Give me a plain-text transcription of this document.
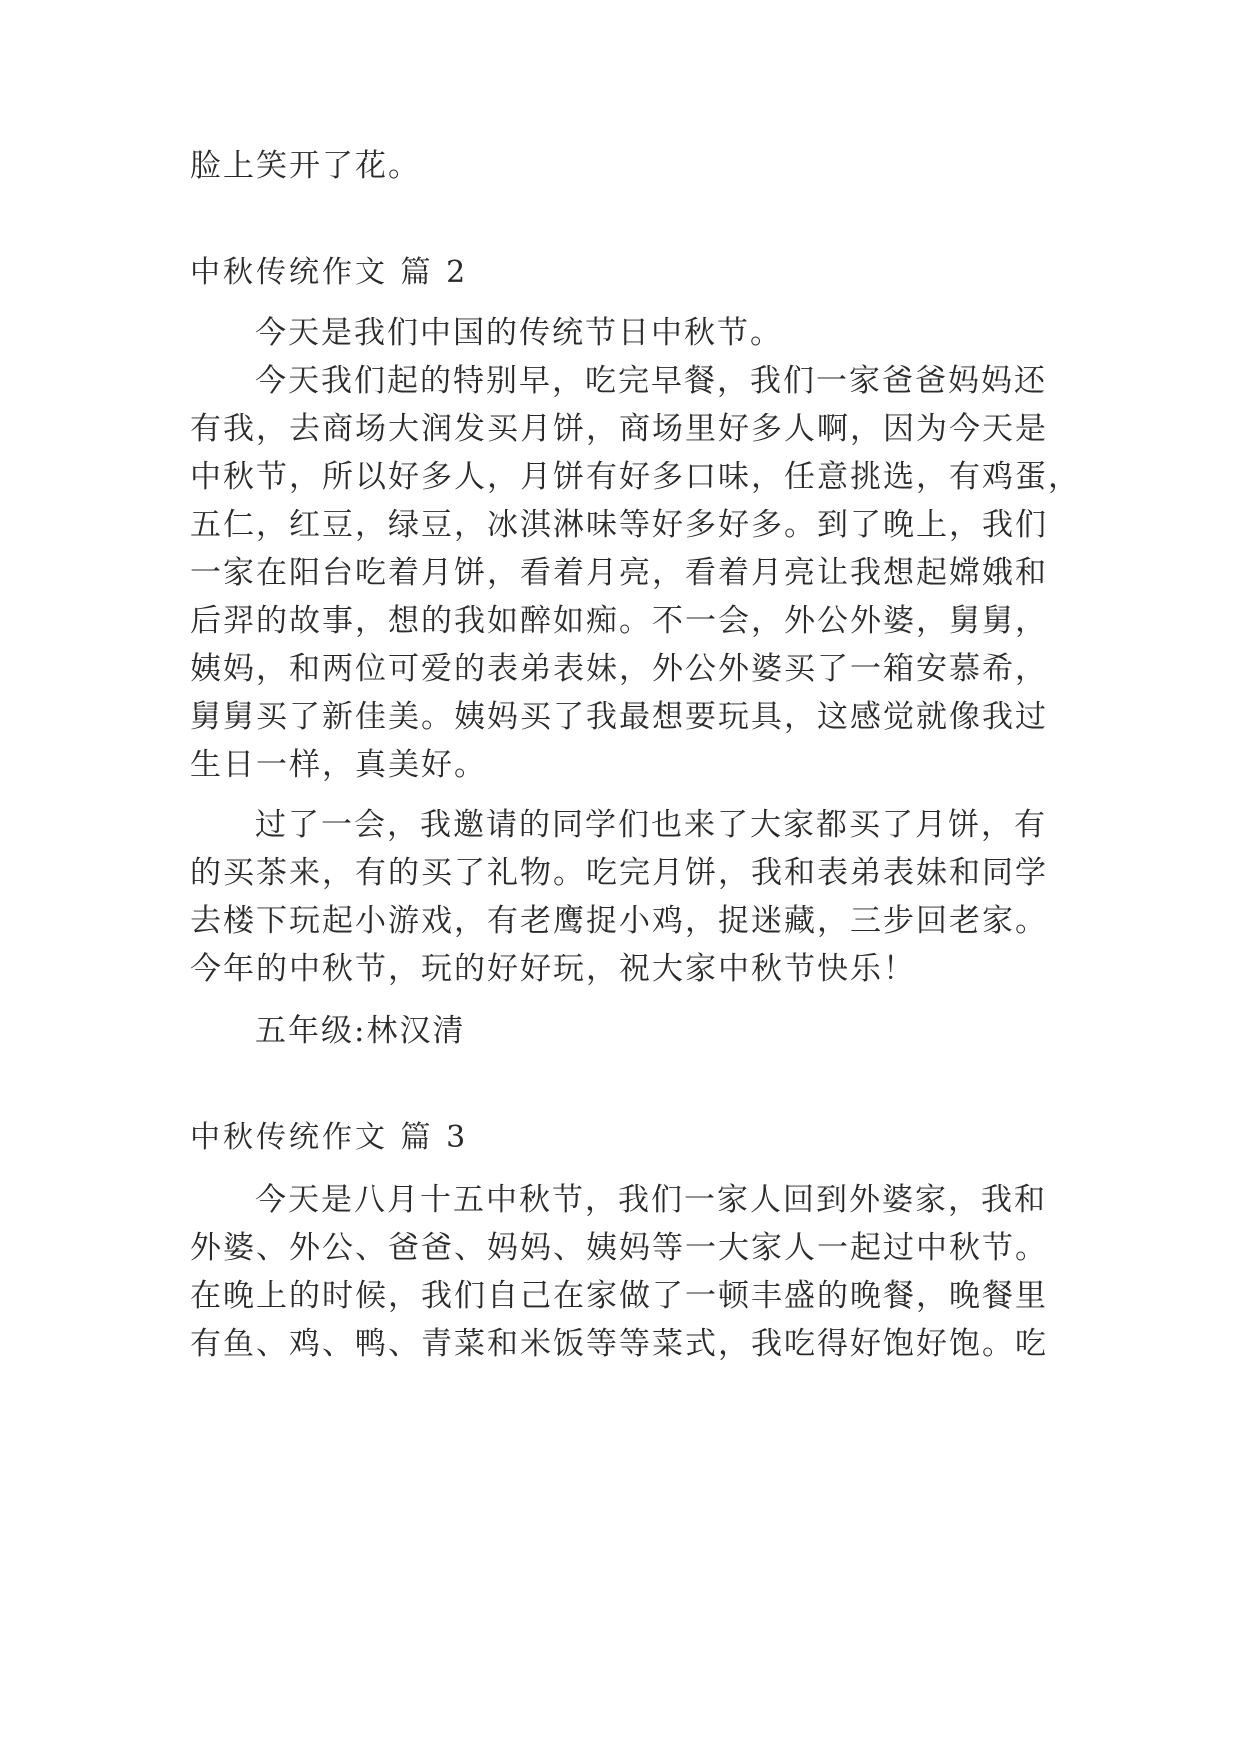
脸上笑开了花。
中秋传统作文 篇 2
今天是我们中国的传统节日中秋节。
今天我们起的特别早，吃完早餐，我们一家爸爸妈妈还
有我，去商场大润发买月饼，商场里好多人啊，因为今天是
中秋节，所以好多人，月饼有好多口味，任意挑选，有鸡蛋，
五仁，红豆，绿豆，冰淇淋味等好多好多。到了晚上，我们
一家在阳台吃着月饼，看着月亮，看着月亮让我想起嫦娥和
后羿的故事，想的我如醉如痴。不一会，外公外婆，舅舅，
姨妈，和两位可爱的表弟表妹，外公外婆买了一箱安慕希，
舅舅买了新佳美。姨妈买了我最想要玩具，这感觉就像我过
生日一样，真美好。
过了一会，我邀请的同学们也来了大家都买了月饼，有
的买茶来，有的买了礼物。吃完月饼，我和表弟表妹和同学
去楼下玩起小游戏，有老鹰捉小鸡，捉迷藏，三步回老家。
今年的中秋节，玩的好好玩，祝大家中秋节快乐！
五年级:林汉清
中秋传统作文 篇 3
今天是八月十五中秋节，我们一家人回到外婆家，我和
外婆、外公、爸爸、妈妈、姨妈等一大家人一起过中秋节。
在晚上的时候，我们自己在家做了一顿丰盛的晚餐，晚餐里
有鱼、鸡、鸭、青菜和米饭等等菜式，我吃得好饱好饱。吃
